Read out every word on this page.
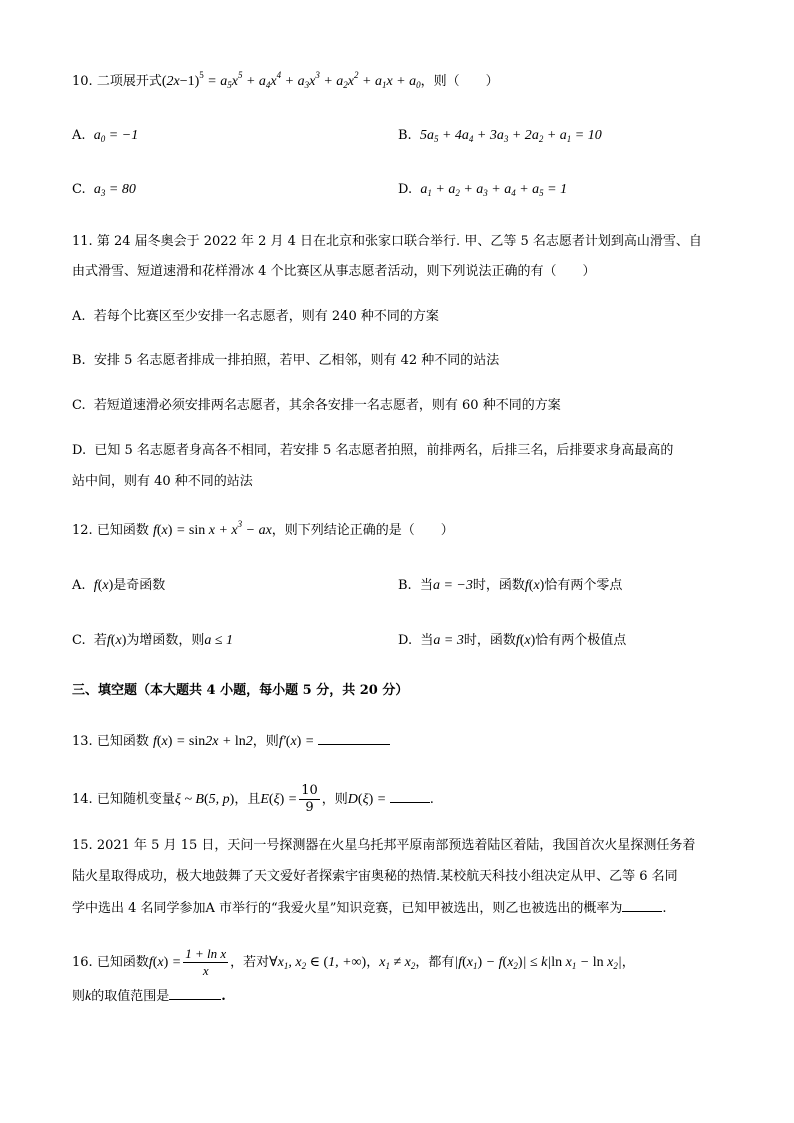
10. 二项展开式$(2x-1)^5 = a_5x^5 + a_4x^4 + a_3x^3 + a_2x^2 + a_1x + a_0$，则（　　）
A. $a_0 = -1$	B. $5a_5 + 4a_4 + 3a_3 + 2a_2 + a_1 = 10$
C. $a_3 = 80$	D. $a_1 + a_2 + a_3 + a_4 + a_5 = 1$
11. 第 24 届冬奥会于 2022 年 2 月 4 日在北京和张家口联合举行. 甲、乙等 5 名志愿者计划到高山滑雪、自
由式滑雪、短道速滑和花样滑冰 4 个比赛区从事志愿者活动，则下列说法正确的有（　　）
A. 若每个比赛区至少安排一名志愿者，则有 240 种不同的方案
B. 安排 5 名志愿者排成一排拍照，若甲、乙相邻，则有 42 种不同的站法
C. 若短道速滑必须安排两名志愿者，其余各安排一名志愿者，则有 60 种不同的方案
D. 已知 5 名志愿者身高各不相同，若安排 5 名志愿者拍照，前排两名，后排三名，后排要求身高最高的
站中间，则有 40 种不同的站法
12. 已知函数 $f(x) = \sin x + x^3$ − ax，则下列结论正确的是（　　）
A. f(x)是奇函数	B. 当a = −3时，函数f(x)恰有两个零点
C. 若f(x)为增函数，则a ≤ 1	D. 当a = 3时，函数f(x)恰有两个极值点
三、填空题（本大题共 4 小题，每小题 5 分，共 20 分）
13. 已知函数 f(x) = sin2x + ln2，则f′(x) =
14. 已知随机变量ξ ~ B(5, p)，且$E(\xi) = \frac{10}{9}$ ，则D(ξ) =	.
15. 2021 年 5 月 15 日，天问一号探测器在火星乌托邦平原南部预选着陆区着陆，我国首次火星探测任务着
陆火星取得成功，极大地鼓舞了天文爱好者探索宇宙奥秘的热情.某校航天科技小组决定从甲、乙等 6 名同
学中选出 4 名同学参加A 市举行的“我爱火星”知识竞赛，已知甲被选出，则乙也被选出的概率为	.
16. 已知函数$f(x) = \frac{\text{1 + ln x}}{x}$ ，若对$\forall x_1$, $x_2$ ∈ (1, +∞)，$x_1 \ne x_2$，都有$|f(x_1) - f(x_2)| \le k|\ln$ $x_1 - \ln x_2|$，
则k的取值范围是	.
